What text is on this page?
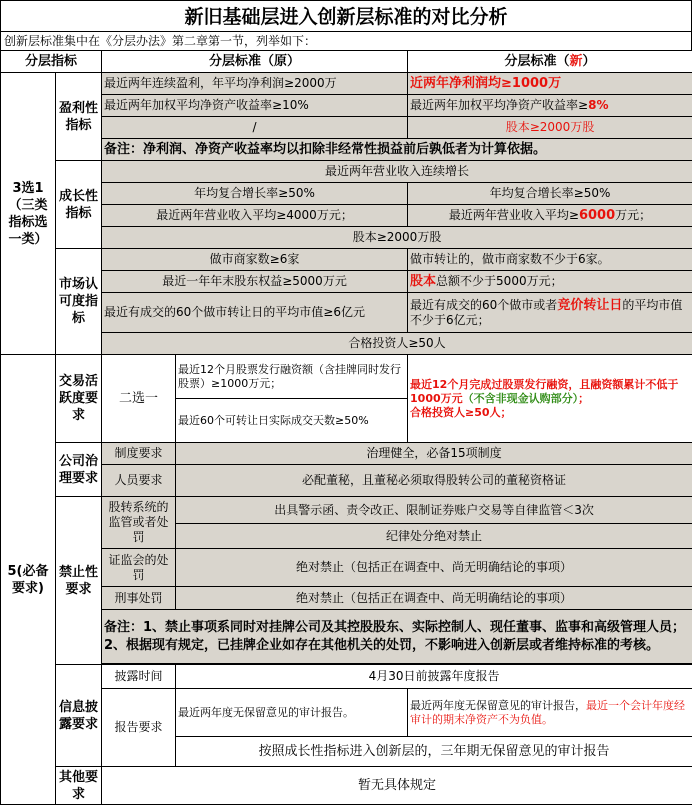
新旧基础层进入创新层标准的对比分析
创新层标准集中在《分层办法》第二章第一节，列举如下：
分层指标		分层标准（原）		分层标准（新）
3选1（三类指标选一类）	盈利性指标	最近两年连续盈利，年平均净利润≥2000万		近两年净利润均≥1000万
		最近两年加权平均净资产收益率≥10%		最近两年加权平均净资产收益率≥8%
		/		股本≥2000万股
		备注：净利润、净资产收益率均以扣除非经常性损益前后孰低者为计算依据。		
	成长性指标	最近两年营业收入连续增长		
		年均复合增长率≥50%		年均复合增长率≥50%
		最近两年营业收入平均≥4000万元；		最近两年营业收入平均≥6000万元；
		股本≥2000万股		
	市场认可度指标	做市商家数≥6家		做市转让的，做市商家数不少于6家。
		最近一年年末股东权益≥5000万元		股本总额不少于5000万元；
		最近有成交的60个做市转让日的平均市值≥6亿元		最近有成交的60个做市或者竞价转让日的平均市值不少于6亿元；
		合格投资人≥50人		
5(必备要求)	交易活跃度要求	二选一	最近12个月股票发行融资额（含挂牌同时发行股票）≥1000万元；	最近12个月完成过股票发行融资，且融资额累计不低于1000万元（不含非现金认购部分）；
合格投资人≥50人；
			最近60个可转让日实际成交天数≥50%	
	公司治理要求	制度要求	治理健全，必备15项制度	
		人员要求	必配董秘，且董秘必须取得股转公司的董秘资格证	
	禁止性要求	股转系统的监管或者处罚	出具警示函、责令改正、限制证券账户交易等自律监管＜3次	
			纪律处分绝对禁止	
		证监会的处罚	绝对禁止（包括正在调查中、尚无明确结论的事项）	
		刑事处罚	绝对禁止（包括正在调查中、尚无明确结论的事项）	
		备注：1、禁止事项系同时对挂牌公司及其控股股东、实际控制人、现任董事、监事和高级管理人员；2、根据现有规定，已挂牌企业如存在其他机关的处罚，不影响进入创新层或者维持标准的考核。		

	信息披露要求	披露时间	4月30日前披露年度报告	
		报告要求	最近两年度无保留意见的审计报告。	最近两年度无保留意见的审计报告，最近一个会计年度经审计的期末净资产不为负值。
			按照成长性指标进入创新层的，三年期无保留意见的审计报告	
	其他要求	暂无具体规定		
